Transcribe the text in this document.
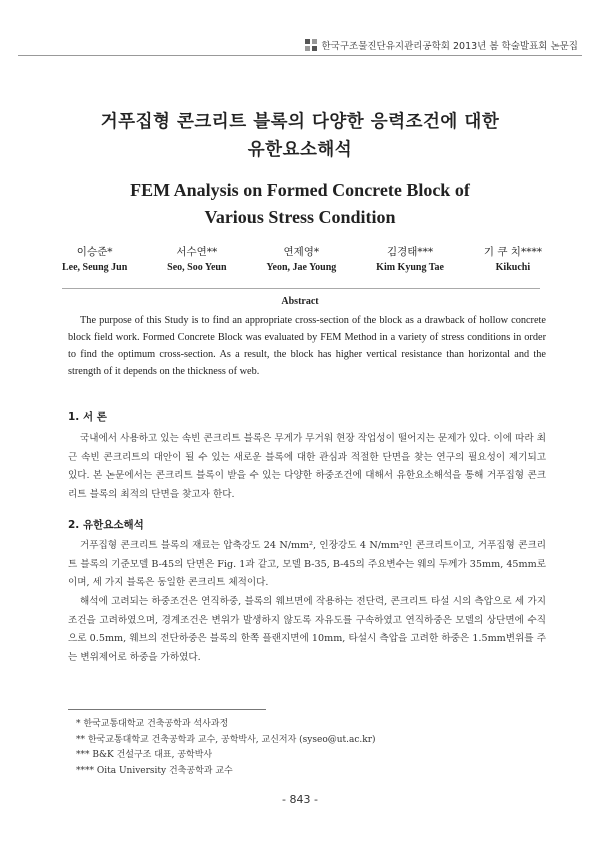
한국구조물진단유지관리공학회 2013년 봄 학술발표회 논문집
거푸집형 콘크리트 블록의 다양한 응력조건에 대한
유한요소해석
FEM Analysis on Formed Concrete Block of
Various Stress Condition
이승준*
Lee, Seung Jun
서수연**
Seo, Soo Yeun
연제영*
Yeon, Jae Young
김경태***
Kim Kyung Tae
기 쿠 치****
Kikuchi
Abstract

The purpose of this Study is to find an appropriate cross-section of the block as a drawback of hollow concrete block field work. Formed Concrete Block was evaluated by FEM Method in a variety of stress conditions in order to find the optimum cross-section. As a result, the block has higher vertical resistance than horizontal and the strength of it depends on the thickness of web.

1. 서 론

국내에서 사용하고 있는 속빈 콘크리트 블록은 무게가 무거워 현장 작업성이 떨어지는 문제가 있다. 이에 따라 최근 속빈 콘크리트의 대안이 될 수 있는 새로운 블록에 대한 관심과 적절한 단면을 찾는 연구의 필요성이 제기되고 있다. 본 논문에서는 콘크리트 블록이 받을 수 있는 다양한 하중조건에 대해서 유한요소해석을 통해 거푸집형 콘크리트 블록의 최적의 단면을 찾고자 한다.

2. 유한요소해석

거푸집형 콘크리트 블록의 재료는 압축강도 24 N/mm², 인장강도 4 N/mm²인 콘크리트이고, 거푸집형 콘크리트 블록의 기준모델 B-45의 단면은 Fig. 1과 같고, 모델 B-35, B-45의 주요변수는 웨의 두께가 35mm, 45mm로 이며, 세 가지 블록은 동일한 콘크리트 체적이다.

해석에 고려되는 하중조건은 연직하중, 블록의 웨브면에 작용하는 전단력, 콘크리트 타설 시의 측압으로 세 가지 조건을 고려하였으며, 경계조건은 변위가 발생하지 않도록 자유도를 구속하였고 연직하중은 모델의 상단면에 수직으로 0.5mm, 웨브의 전단하중은 블록의 한쪽 플랜지면에 10mm, 타설시 측압을 고려한 하중은 1.5mm변위를 주는 변위제어로 하중을 가하였다.

* 한국교통대학교 건축공학과 석사과정
** 한국교통대학교 건축공학과 교수, 공학박사, 교신저자 (syseo@ut.ac.kr)
*** B&K 건설구조 대표, 공학박사
**** Oita University 건축공학과 교수
- 843 -
